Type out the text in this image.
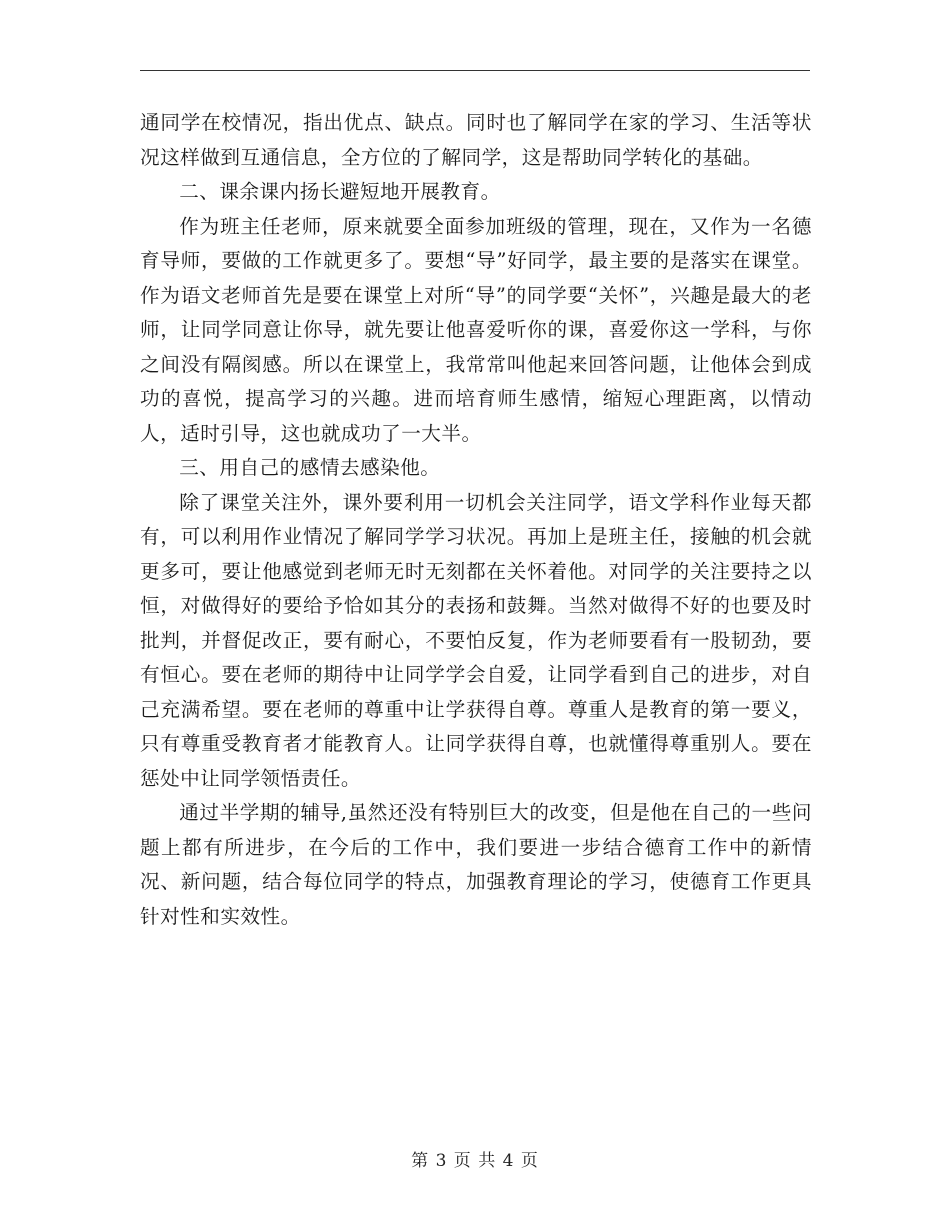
通同学在校情况，指出优点、缺点。同时也了解同学在家的学习、生活等状况这样做到互通信息，全方位的了解同学，这是帮助同学转化的基础。

二、课余课内扬长避短地开展教育。

作为班主任老师，原来就要全面参加班级的管理，现在，又作为一名德育导师，要做的工作就更多了。要想“导”好同学，最主要的是落实在课堂。作为语文老师首先是要在课堂上对所“导”的同学要“关怀”，兴趣是最大的老师，让同学同意让你导，就先要让他喜爱听你的课，喜爱你这一学科，与你之间没有隔阂感。所以在课堂上，我常常叫他起来回答问题，让他体会到成功的喜悦，提高学习的兴趣。进而培育师生感情，缩短心理距离，以情动人，适时引导，这也就成功了一大半。

三、用自己的感情去感染他。

除了课堂关注外，课外要利用一切机会关注同学，语文学科作业每天都有，可以利用作业情况了解同学学习状况。再加上是班主任，接触的机会就更多可，要让他感觉到老师无时无刻都在关怀着他。对同学的关注要持之以恒，对做得好的要给予恰如其分的表扬和鼓舞。当然对做得不好的也要及时批判，并督促改正，要有耐心，不要怕反复，作为老师要看有一股韧劲，要有恒心。要在老师的期待中让同学学会自爱，让同学看到自己的进步，对自己充满希望。要在老师的尊重中让学获得自尊。尊重人是教育的第一要义，只有尊重受教育者才能教育人。让同学获得自尊，也就懂得尊重别人。要在惩处中让同学领悟责任。

通过半学期的辅导,虽然还没有特别巨大的改变，但是他在自己的一些问题上都有所进步，在今后的工作中，我们要进一步结合德育工作中的新情况、新问题，结合每位同学的特点，加强教育理论的学习，使德育工作更具针对性和实效性。

第 3 页 共 4 页
